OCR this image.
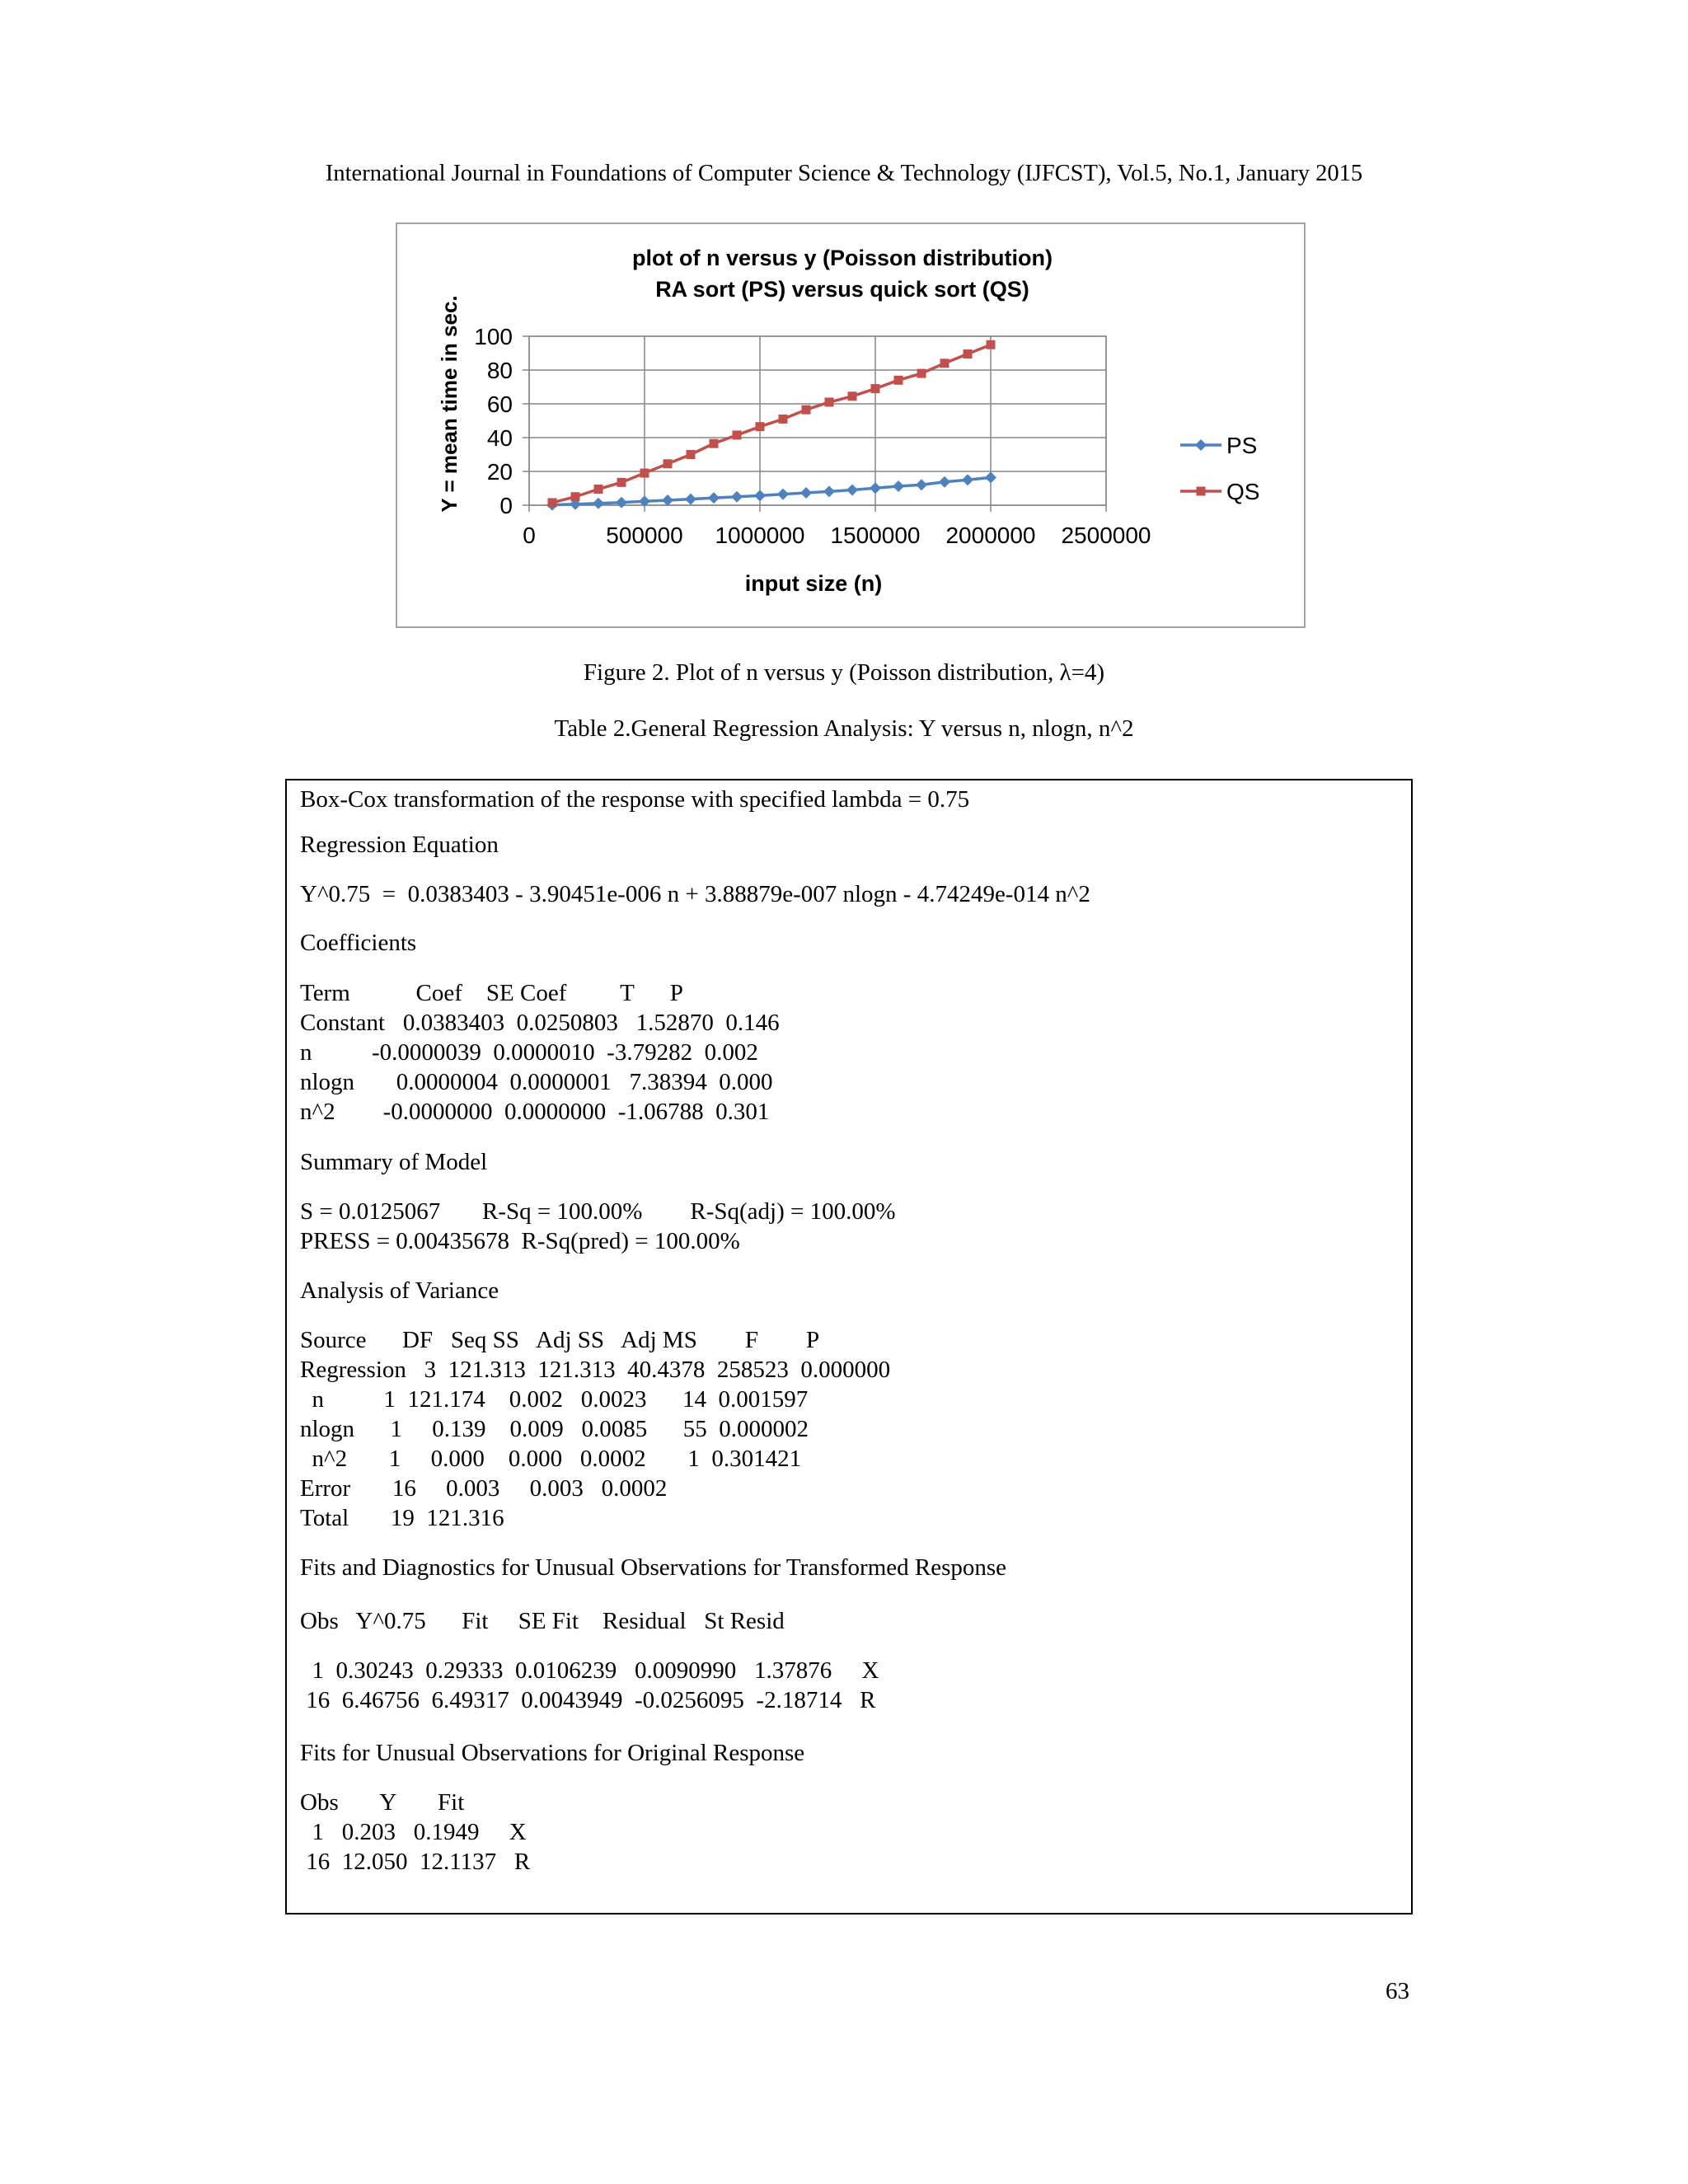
International Journal in Foundations of Computer Science & Technology (IJFCST), Vol.5, No.1, January 2015
plot of n versus y (Poisson distribution)
RA sort (PS) versus quick sort (QS)
0
20
40
60
80
100
0	500000 1000000 1500000 2000000 2500000
input size (n)
Y = mean time in sec.	PS
QS
Figure 2. Plot of n versus y (Poisson distribution, λ=4)
Table 2.General Regression Analysis: Y versus n, nlogn, n^2
Box-Cox transformation of the response with specified lambda = 0.75
Regression Equation
Y^0.75  =  0.0383403 - 3.90451e-006 n + 3.88879e-007 nlogn - 4.74249e-014 n^2
Coefficients
Term           Coef    SE Coef         T      P
Constant   0.0383403  0.0250803   1.52870  0.146
n          -0.0000039  0.0000010  -3.79282  0.002
nlogn       0.0000004  0.0000001   7.38394  0.000
n^2        -0.0000000  0.0000000  -1.06788  0.301
Summary of Model
S = 0.0125067       R-Sq = 100.00%        R-Sq(adj) = 100.00%
PRESS = 0.00435678  R-Sq(pred) = 100.00%
Analysis of Variance
Source      DF   Seq SS   Adj SS   Adj MS        F        P
Regression   3  121.313  121.313  40.4378  258523  0.000000
n          1  121.174    0.002   0.0023      14  0.001597
nlogn      1     0.139    0.009   0.0085      55  0.000002
n^2       1     0.000    0.000   0.0002       1  0.301421
Error       16     0.003     0.003   0.0002
Total       19  121.316
Fits and Diagnostics for Unusual Observations for Transformed Response
Obs   Y^0.75      Fit     SE Fit    Residual   St Resid
1  0.30243  0.29333  0.0106239   0.0090990   1.37876     X
16  6.46756  6.49317  0.0043949  -0.0256095  -2.18714   R
Fits for Unusual Observations for Original Response
Obs       Y       Fit
1   0.203   0.1949     X
16  12.050  12.1137   R
63
